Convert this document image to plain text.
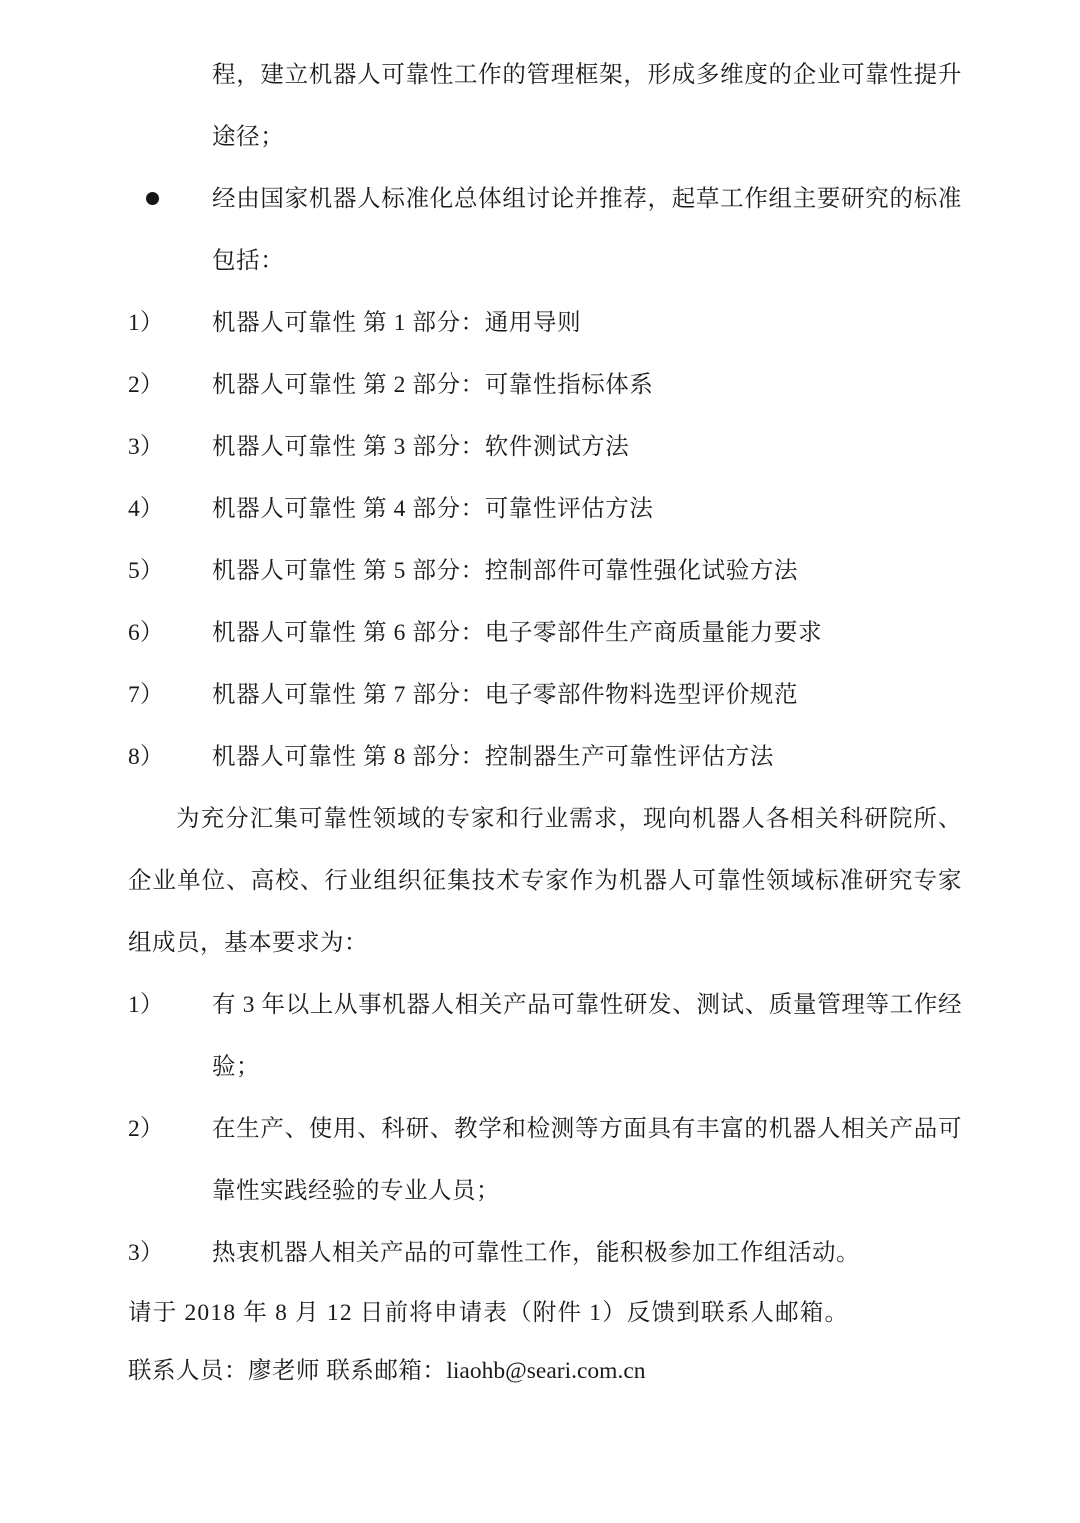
程，建立机器人可靠性工作的管理框架，形成多维度的企业可靠性提升途径；
经由国家机器人标准化总体组讨论并推荐，起草工作组主要研究的标准包括：
1）	机器人可靠性 第 1 部分：通用导则
2）	机器人可靠性 第 2 部分：可靠性指标体系
3）	机器人可靠性 第 3 部分：软件测试方法
4）	机器人可靠性 第 4 部分：可靠性评估方法
5）	机器人可靠性 第 5 部分：控制部件可靠性强化试验方法
6）	机器人可靠性 第 6 部分：电子零部件生产商质量能力要求
7）	机器人可靠性 第 7 部分：电子零部件物料选型评价规范
8）	机器人可靠性 第 8 部分：控制器生产可靠性评估方法
为充分汇集可靠性领域的专家和行业需求，现向机器人各相关科研院所、企业单位、高校、行业组织征集技术专家作为机器人可靠性领域标准研究专家组成员，基本要求为：
1）	有 3 年以上从事机器人相关产品可靠性研发、测试、质量管理等工作经验；
2）	在生产、使用、科研、教学和检测等方面具有丰富的机器人相关产品可靠性实践经验的专业人员；
3）	热衷机器人相关产品的可靠性工作，能积极参加工作组活动。
请于 2018 年 8 月 12 日前将申请表（附件 1）反馈到联系人邮箱。
联系人员：廖老师 联系邮箱：liaohb@seari.com.cn
